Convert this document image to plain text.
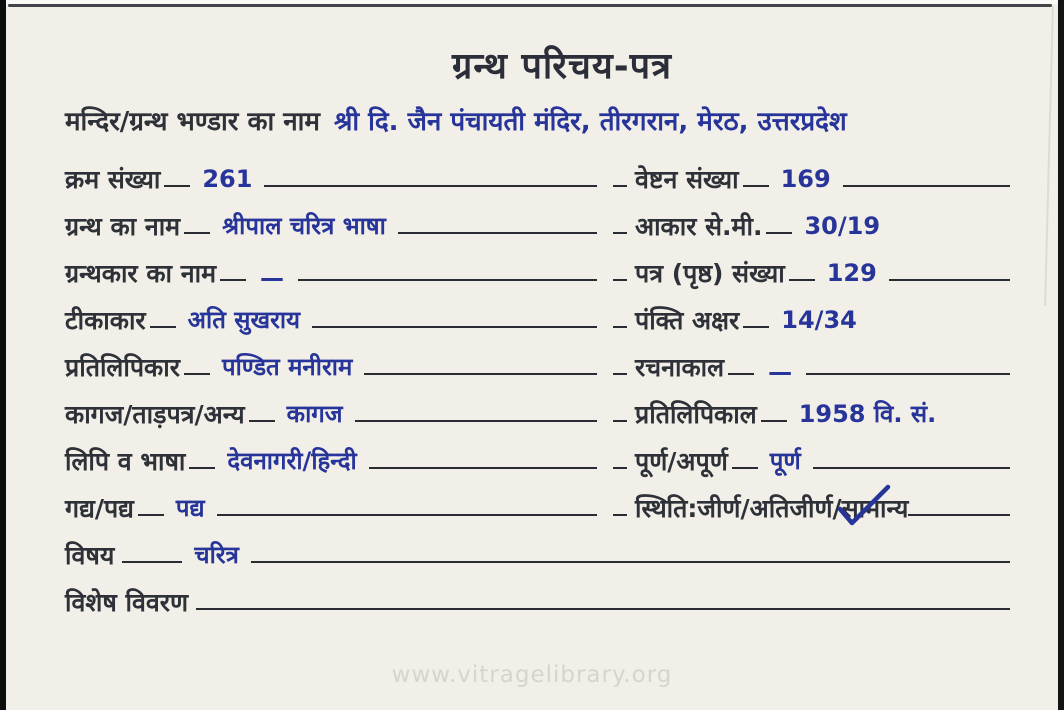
ग्रन्थ परिचय-पत्र
मन्दिर/ग्रन्थ भण्डार का नाम श्री दि. जैन पंचायती मंदिर, तीरगरान, मेरठ, उत्तरप्रदेश
क्रम संख्या	261	वेष्टन संख्या	169
ग्रन्थ का नाम	श्रीपाल चरित्र भाषा	आकार से.मी.	30/19
ग्रन्थकार का नाम	—	पत्र (पृष्ठ) संख्या	129
टीकाकार	अति सुखराय	पंक्ति अक्षर	14/34
प्रतिलिपिकार	पण्डित मनीराम	रचनाकाल	—
कागज/ताड़पत्र/अन्य	कागज	प्रतिलिपिकाल	1958 वि. सं.
लिपि व भाषा	देवनागरी/हिन्दी	पूर्ण/अपूर्ण	पूर्ण
गद्य/पद्य	पद्य	स्थिति:जीर्ण/अतिजीर्ण/ सामान्य
विषय	चरित्र
विशेष विवरण
www.vitragelibrary.org
